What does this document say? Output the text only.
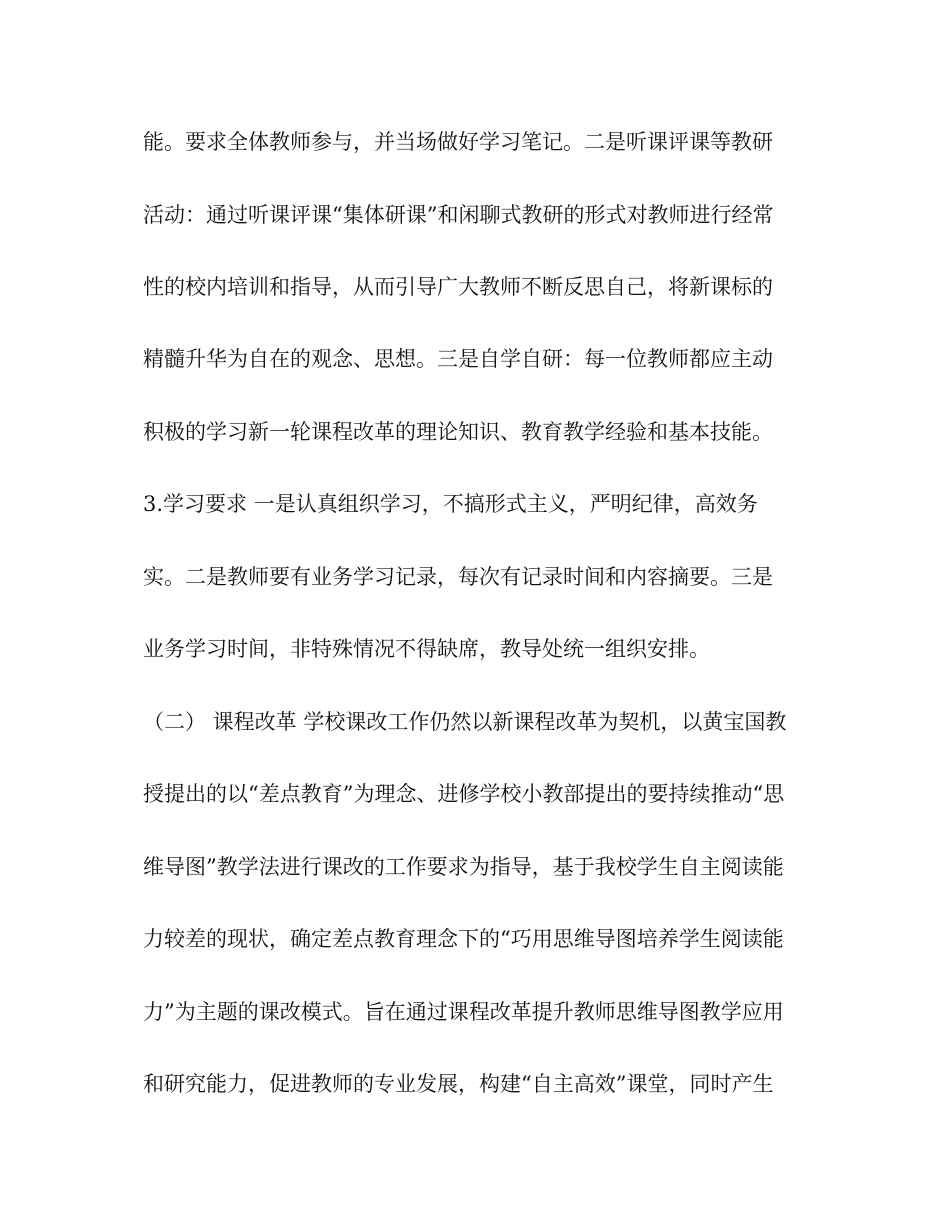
能。要求全体教师参与，并当场做好学习笔记。二是听课评课等教研
活动：通过听课评课“集体研课”和闲聊式教研的形式对教师进行经常
性的校内培训和指导，从而引导广大教师不断反思自己，将新课标的
精髓升华为自在的观念、思想。三是自学自研：每一位教师都应主动
积极的学习新一轮课程改革的理论知识、教育教学经验和基本技能。
3.学习要求 一是认真组织学习，不搞形式主义，严明纪律，高效务
实。二是教师要有业务学习记录，每次有记录时间和内容摘要。三是
业务学习时间，非特殊情况不得缺席，教导处统一组织安排。
（二） 课程改革 学校课改工作仍然以新课程改革为契机，以黄宝国教
授提出的以“差点教育”为理念、进修学校小教部提出的要持续推动“思
维导图”教学法进行课改的工作要求为指导，基于我校学生自主阅读能
力较差的现状，确定差点教育理念下的“巧用思维导图培养学生阅读能
力”为主题的课改模式。旨在通过课程改革提升教师思维导图教学应用
和研究能力，促进教师的专业发展，构建“自主高效”课堂，同时产生
